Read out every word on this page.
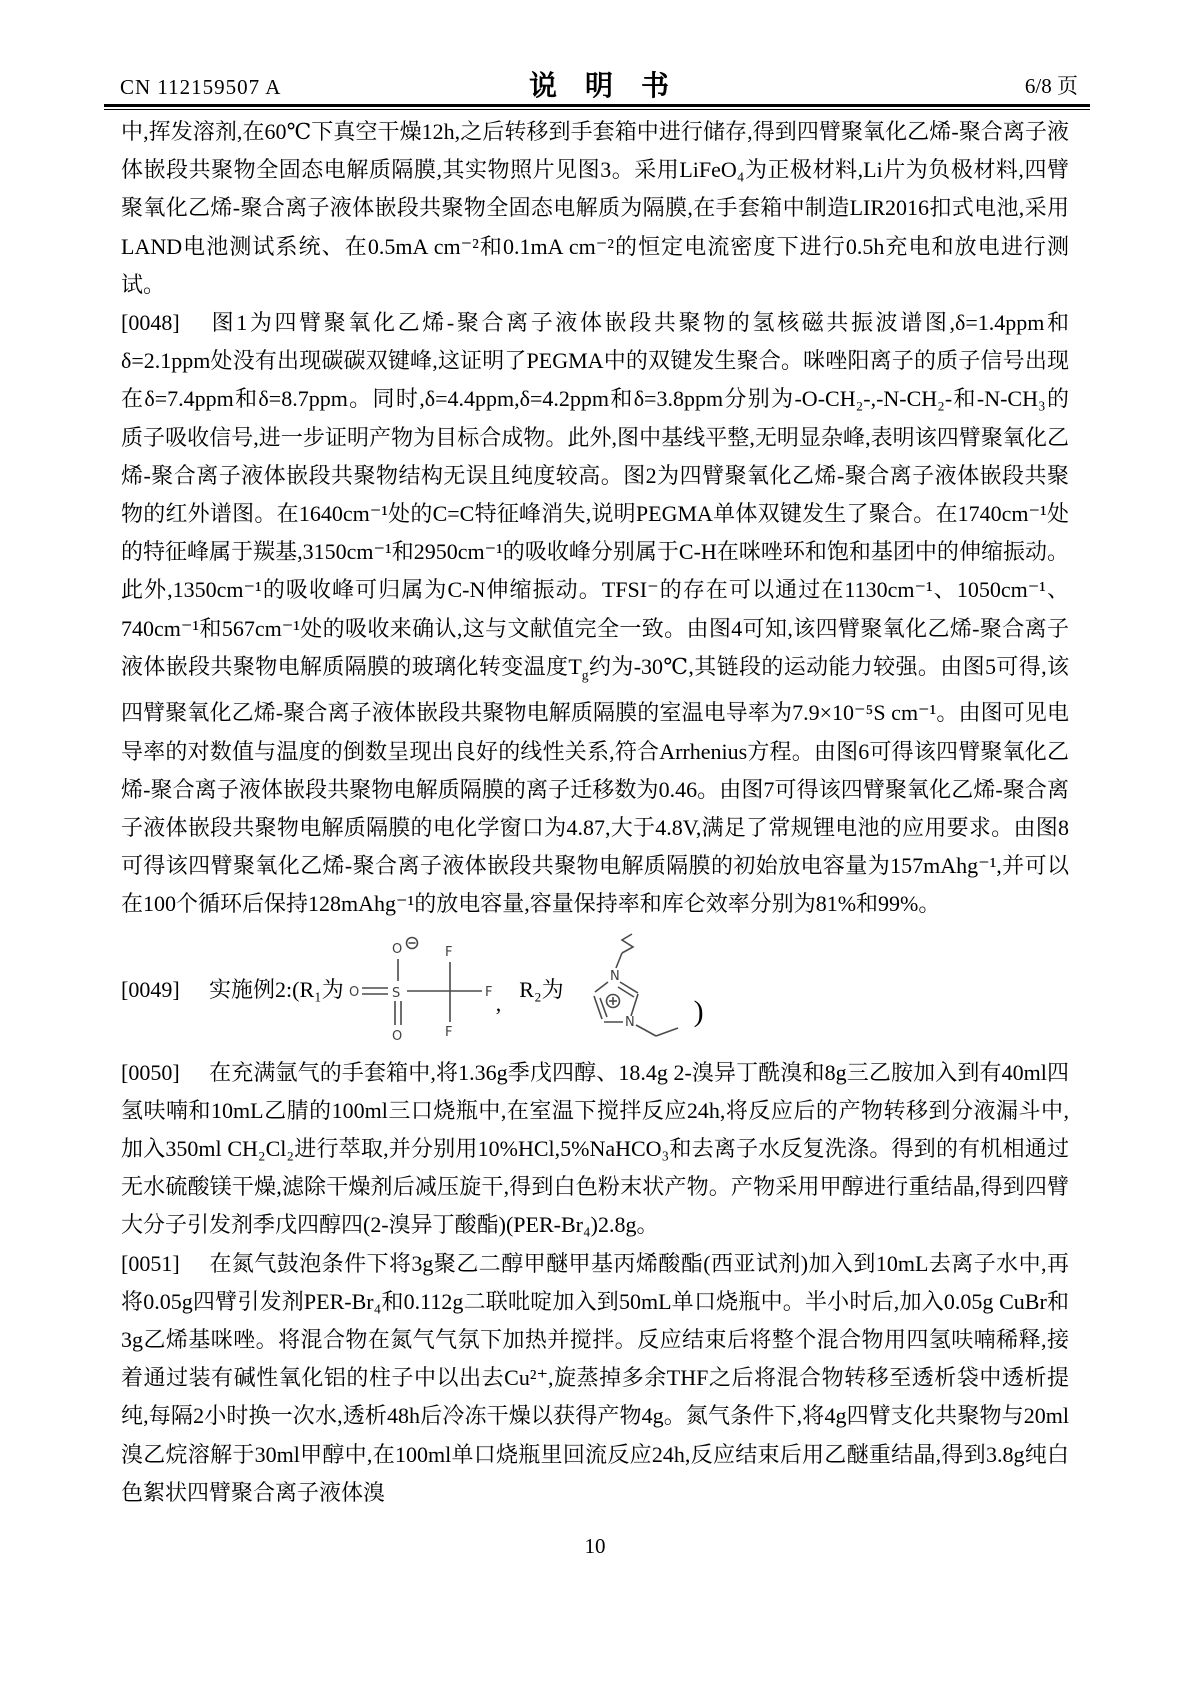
CN 112159507 A	说　明　书	6/8 页

中,挥发溶剂,在60℃下真空干燥12h,之后转移到手套箱中进行储存,得到四臂聚氧化乙烯-聚合离子液体嵌段共聚物全固态电解质隔膜,其实物照片见图3。采用LiFeO₄为正极材料,Li片为负极材料,四臂聚氧化乙烯-聚合离子液体嵌段共聚物全固态电解质为隔膜,在手套箱中制造LIR2016扣式电池,采用LAND电池测试系统、在0.5mA cm⁻²和0.1mA cm⁻²的恒定电流密度下进行0.5h充电和放电进行测试。

[0048] 图1为四臂聚氧化乙烯-聚合离子液体嵌段共聚物的氢核磁共振波谱图,δ=1.4ppm和δ=2.1ppm处没有出现碳碳双键峰,这证明了PEGMA中的双键发生聚合。咪唑阳离子的质子信号出现在δ=7.4ppm和δ=8.7ppm。同时,δ=4.4ppm,δ=4.2ppm和δ=3.8ppm分别为-O-CH₂-,-N-CH₂-和-N-CH₃的质子吸收信号,进一步证明产物为目标合成物。此外,图中基线平整,无明显杂峰,表明该四臂聚氧化乙烯-聚合离子液体嵌段共聚物结构无误且纯度较高。图2为四臂聚氧化乙烯-聚合离子液体嵌段共聚物的红外谱图。在1640cm⁻¹处的C=C特征峰消失,说明PEGMA单体双键发生了聚合。在1740cm⁻¹处的特征峰属于羰基,3150cm⁻¹和2950cm⁻¹的吸收峰分别属于C-H在咪唑环和饱和基团中的伸缩振动。此外,1350cm⁻¹的吸收峰可归属为C-N伸缩振动。TFSI⁻的存在可以通过在1130cm⁻¹、1050cm⁻¹、740cm⁻¹和567cm⁻¹处的吸收来确认,这与文献值完全一致。由图4可知,该四臂聚氧化乙烯-聚合离子液体嵌段共聚物电解质隔膜的玻璃化转变温度$T_g$约为-30℃,其链段的运动能力较强。由图5可得,该四臂聚氧化乙烯-聚合离子液体嵌段共聚物电解质隔膜的室温电导率为7.9×10⁻⁵S cm⁻¹。由图可见电导率的对数值与温度的倒数呈现出良好的线性关系,符合Arrhenius方程。由图6可得该四臂聚氧化乙烯-聚合离子液体嵌段共聚物电解质隔膜的离子迁移数为0.46。由图7可得该四臂聚氧化乙烯-聚合离子液体嵌段共聚物电解质隔膜的电化学窗口为4.87,大于4.8V,满足了常规锂电池的应用要求。由图8可得该四臂聚氧化乙烯-聚合离子液体嵌段共聚物电解质隔膜的初始放电容量为157mAhg⁻¹,并可以在100个循环后保持128mAhg⁻¹的放电容量,容量保持率和库仑效率分别为81%和99%。

[0049]	实施例2:(R₁为 O	S
O
O
F
F
F
,
R₂为
N
N )

[0050] 在充满氩气的手套箱中,将1.36g季戊四醇、18.4g 2-溴异丁酰溴和8g三乙胺加入到有40ml四氢呋喃和10mL乙腈的100ml三口烧瓶中,在室温下搅拌反应24h,将反应后的产物转移到分液漏斗中,加入350ml CH₂Cl₂进行萃取,并分别用10%HCl,5%NaHCO₃和去离子水反复洗涤。得到的有机相通过无水硫酸镁干燥,滤除干燥剂后减压旋干,得到白色粉末状产物。产物采用甲醇进行重结晶,得到四臂大分子引发剂季戊四醇四(2-溴异丁酸酯)(PER-Br₄)2.8g。

[0051] 在氮气鼓泡条件下将3g聚乙二醇甲醚甲基丙烯酸酯(西亚试剂)加入到10mL去离子水中,再将0.05g四臂引发剂PER-Br₄和0.112g二联吡啶加入到50mL单口烧瓶中。半小时后,加入0.05g CuBr和3g乙烯基咪唑。将混合物在氮气气氛下加热并搅拌。反应结束后将整个混合物用四氢呋喃稀释,接着通过装有碱性氧化铝的柱子中以出去Cu²⁺,旋蒸掉多余THF之后将混合物转移至透析袋中透析提纯,每隔2小时换一次水,透析48h后冷冻干燥以获得产物4g。氮气条件下,将4g四臂支化共聚物与20ml溴乙烷溶解于30ml甲醇中,在100ml单口烧瓶里回流反应24h,反应结束后用乙醚重结晶,得到3.8g纯白色絮状四臂聚合离子液体溴

10
